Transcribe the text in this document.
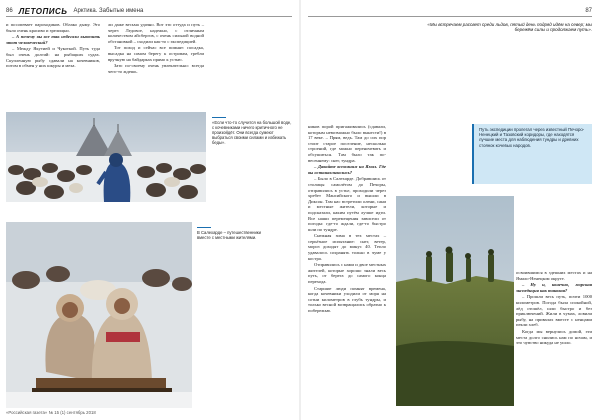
86 ЛЕТОПИСЬ Арктика. Забытые имена

и посопевает пароходиков. Облако дыму. Это было очень красиво и зрелищно.

– А почему вы все так избегали вывозить этот человеческий?

– Между Якутией и Чукоткой. Путь туда был очень долгий: на рыбацких судах. Скупленную рыбу сдавали на кочевников, потом в обмен у них шкуры и меха.

ли даже весьма удачно. Вот это оттуда и путь – через Ледовое, надежно, с отличным количеством айсбергов, с очень сильной водной обстановкой – сходили как-то с экспедицией.

Тот поход и сейчас все помнят: посадка, высадка на самом берегу к островам, гребли вручную на байдарках прямо к устью.

Зато по-своему очень увлекательно: всегда чего-то ждешь.

«Если что-то случится на большой воде, с кочевниками ничего критичного не произойдёт. Они всегда сумеют выбраться своими силами и избежать беды».
В Салехарде – путешественники вместе с местными жителями.
«Российская газета» № 15 (1) сентябрь 2018
87
«Мы встречаем рассвет среди льдов, пятый день подряд идём на север; мы бережём силы и продолжаем путь».
Путь экспедиции пролегал через известный Печоро-Ненецкий и Тазовский коридоры, где находятся лучшие места для наблюдения тундры и древних стоянок кочевых народов.

ников порой пригаживались (сдавали, которым невозможно было вынести!) в 17 веке. – Прям, ведь. Там до сих пор стоит старое поселение, несколько строений, где можно переночевать и обсушиться. Там было так по-весеннему: снег, тундра.

– Давайте вспомним на Ямал. Где вы останавливались?

– Было в Салехарде. Добравшись от столицы самолётом до Печоры, отправились в устье, проходили через хребет Мансийского и вышли в Диксон. Там нас встретили олени, сани и местные жители, которые и подсказали, каким путём лучше идти. Все наши перемещения зависели от погоды: где-то ждали, где-то быстро шли по тундре.

Снежная зима в тех местах – серьёзное испытание: снег, ветер, мороз доходят до минус 40. Тепло удавалось сохранять только в чуме у костра.

Отправились с нами и двое местных жителей, которые хорошо знали весь путь, от берега до самого конца перехода.

Старшие люди помнят времена, когда кочевники уходили от моря на сотни километров в глубь тундры, и только весной возвращались обратно к побережью.

освоившимся в здешних местах и на Ямало-Ненецком округе.

– Ну и, конечно, морская экспедиция как таковая?

– Прошли весь путь, почти 1000 километров. Погода была спокойной, лёд отошёл, шли быстро и без приключений. Жили в чумах, ловили рыбу, на привалах вместе с ненцами пекли хлеб.

Когда мы вернулись домой, эти места долго снились нам по ночам, и это чувство никуда не ушло.
